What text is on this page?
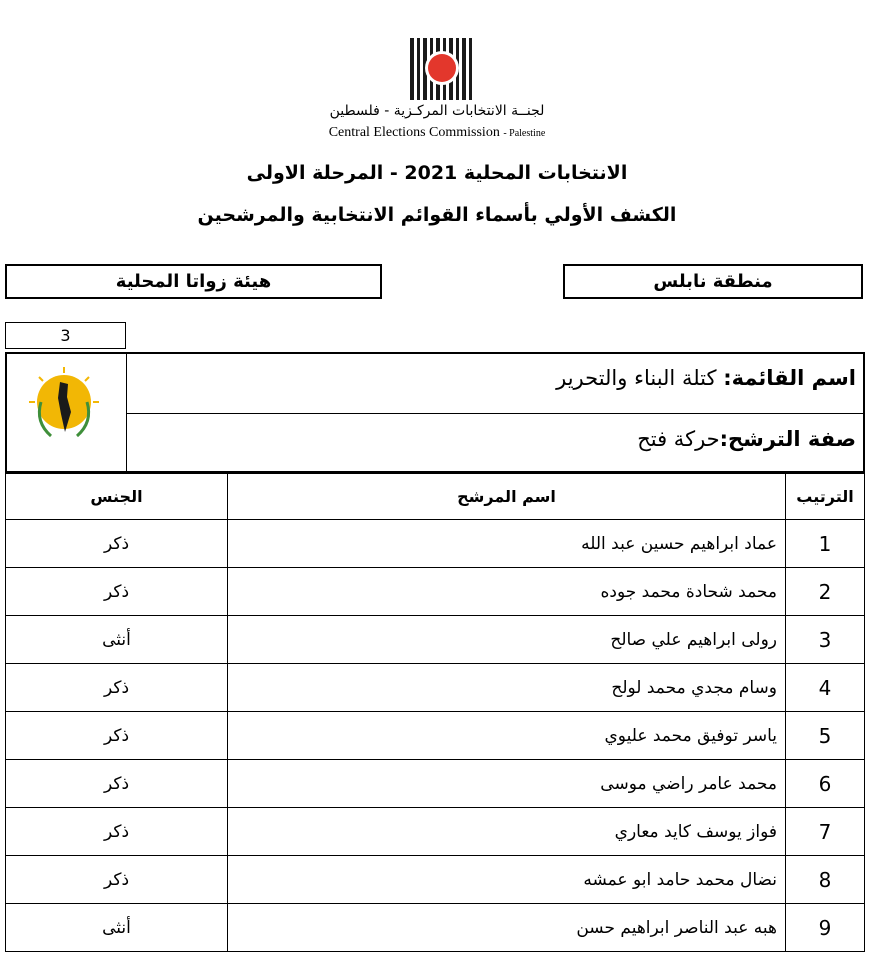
لجنــة الانتخابات المركـزية - فلسطين
Central Elections Commission - Palestine
الانتخابات المحلية 2021 - المرحلة الاولى
الكشف الأولي بأسماء القوائم الانتخابية والمرشحين
منطقة نابلس
هيئة زواتا المحلية
3
اسم القائمة: كتلة البناء والتحرير
صفة الترشح:حركة فتح
الترتيب	اسم المرشح	الجنس
1	عماد ابراهيم حسين عبد الله	ذكر
2	محمد شحادة محمد جوده	ذكر
3	رولى ابراهيم علي صالح	أنثى
4	وسام مجدي محمد لولح	ذكر
5	ياسر توفيق محمد عليوي	ذكر
6	محمد عامر راضي موسى	ذكر
7	فواز يوسف كايد معاري	ذكر
8	نضال محمد حامد ابو عمشه	ذكر
9	هبه عبد الناصر ابراهيم حسن	أنثى
